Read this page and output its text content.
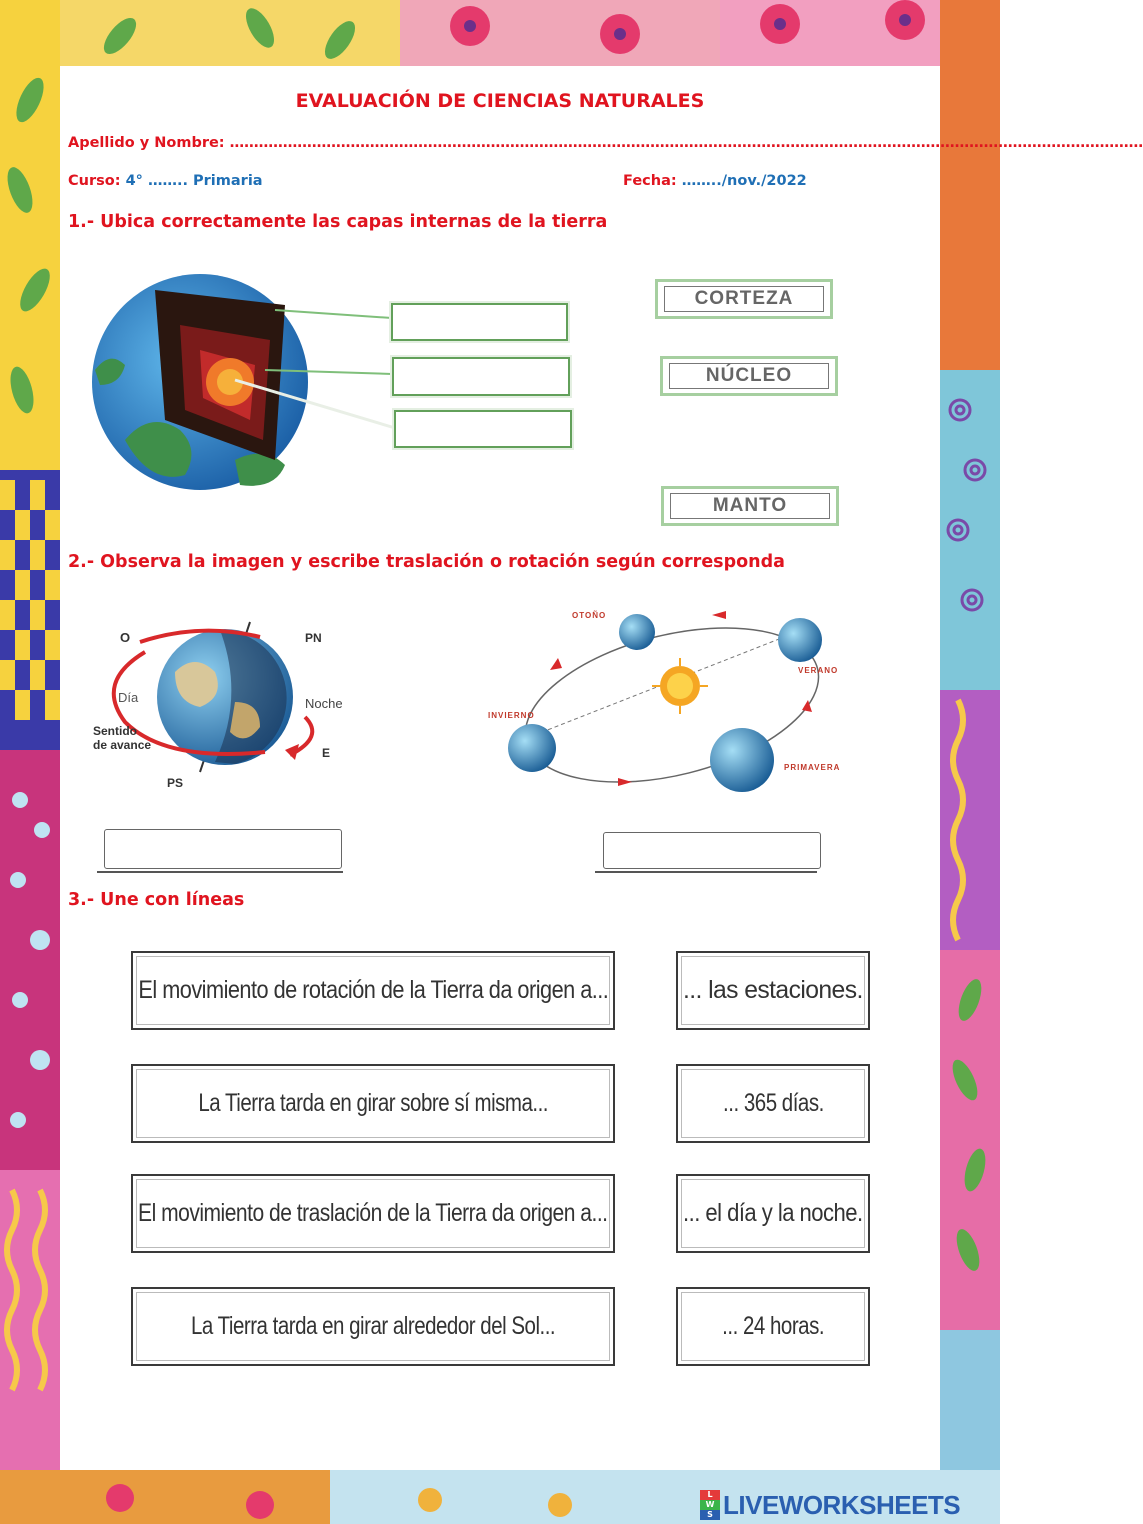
EVALUACIÓN DE CIENCIAS NATURALES
Apellido y Nombre: ………………………………………………………………………………………………………………………………………………………………………
Curso: 4° …….. Primaria	Fecha: ……../nov./2022
1.- Ubica correctamente las capas internas de la tierra
CORTEZA
NÚCLEO
MANTO
2.- Observa la imagen y escribe traslación o rotación según corresponda
O	PN
Día	Noche
Sentido
de avance
E
PS
OTOÑO
VERANO
INVIERNO
PRIMAVERA
3.- Une con líneas
El movimiento de rotación de la Tierra da origen a...
La Tierra tarda en girar sobre sí misma...
El movimiento de traslación de la Tierra da origen a...
La Tierra tarda en girar alrededor del Sol...
... las estaciones.
... 365 días.
... el día y la noche.
... 24 horas.
L
W
S LIVEWORKSHEETS
